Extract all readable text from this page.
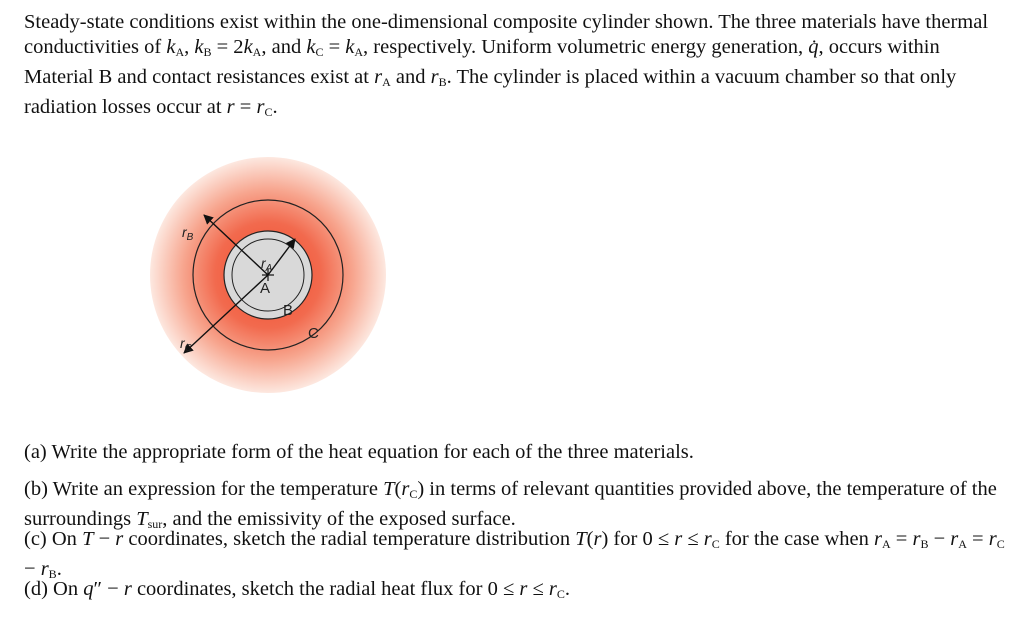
Steady-state conditions exist within the one-dimensional composite cylinder shown. The three materials have thermal conductivities of $k_A$, $k_B = 2k_A$, and $k_C = k_A$, respectively. Uniform volumetric energy generation, q̇, occurs within Material B and contact resistances exist at $r_A$ and $r_B$. The cylinder is placed within a vacuum chamber so that only radiation losses occur at $r = r_C$.

$r_B$
$r_A$
A
B
C
$r_C$

(a) Write the appropriate form of the heat equation for each of the three materials.

(b) Write an expression for the temperature $T(r_C)$ in terms of relevant quantities provided above, the temperature of the surroundings $T_{sur}$, and the emissivity of the exposed surface.

(c) On T − r coordinates, sketch the radial temperature distribution T(r) for $0 \le r \le r_C$ for the case when $r_A = r_B - r_A = r_C - r_B$.

(d) On q″ − r coordinates, sketch the radial heat flux for $0 \le r \le r_C$.
